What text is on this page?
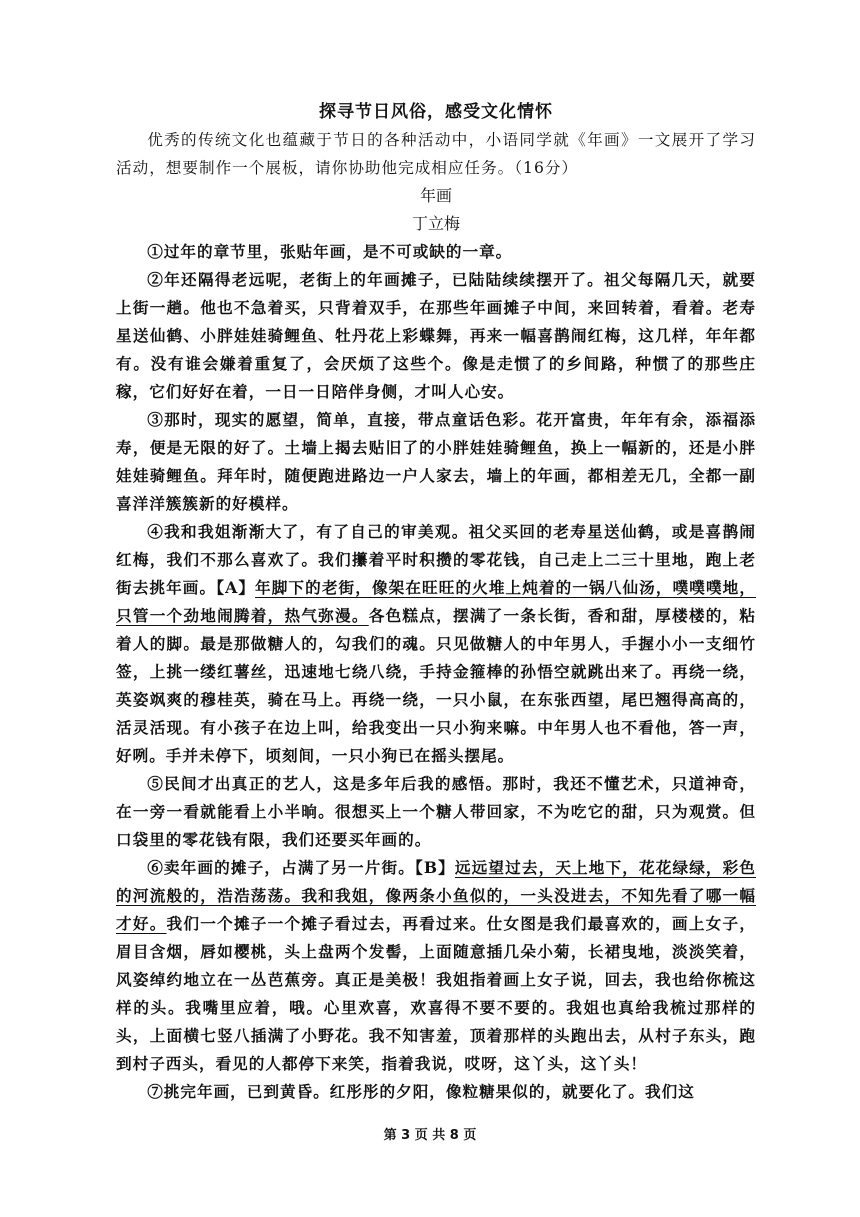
探寻节日风俗，感受文化情怀

优秀的传统文化也蕴藏于节日的各种活动中，小语同学就《年画》一文展开了学习活动，想要制作一个展板，请你协助他完成相应任务。（16分）

年画

丁立梅

①过年的章节里，张贴年画，是不可或缺的一章。

②年还隔得老远呢，老街上的年画摊子，已陆陆续续摆开了。祖父每隔几天，就要上街一趟。他也不急着买，只背着双手，在那些年画摊子中间，来回转着，看着。老寿星送仙鹤、小胖娃娃骑鲤鱼、牡丹花上彩蝶舞，再来一幅喜鹊闹红梅，这几样，年年都有。没有谁会嫌着重复了，会厌烦了这些个。像是走惯了的乡间路，种惯了的那些庄稼，它们好好在着，一日一日陪伴身侧，才叫人心安。

③那时，现实的愿望，简单，直接，带点童话色彩。花开富贵，年年有余，添福添寿，便是无限的好了。土墙上揭去贴旧了的小胖娃娃骑鲤鱼，换上一幅新的，还是小胖娃娃骑鲤鱼。拜年时，随便跑进路边一户人家去，墙上的年画，都相差无几，全都一副喜洋洋簇簇新的好模样。

④我和我姐渐渐大了，有了自己的审美观。祖父买回的老寿星送仙鹤，或是喜鹊闹红梅，我们不那么喜欢了。我们攥着平时积攒的零花钱，自己走上二三十里地，跑上老街去挑年画。【A】年脚下的老街，像架在旺旺的火堆上炖着的一锅八仙汤，噗噗噗地，只管一个劲地闹腾着，热气弥漫。各色糕点，摆满了一条长街，香和甜，厚楼楼的，粘着人的脚。最是那做糖人的，勾我们的魂。只见做糖人的中年男人，手握小小一支细竹签，上挑一缕红薯丝，迅速地七绕八绕，手持金箍棒的孙悟空就跳出来了。再绕一绕，英姿飒爽的穆桂英，骑在马上。再绕一绕，一只小鼠，在东张西望，尾巴翘得高高的，活灵活现。有小孩子在边上叫，给我变出一只小狗来嘛。中年男人也不看他，答一声，好咧。手并未停下，顷刻间，一只小狗已在摇头摆尾。

⑤民间才出真正的艺人，这是多年后我的感悟。那时，我还不懂艺术，只道神奇，在一旁一看就能看上小半晌。很想买上一个糖人带回家，不为吃它的甜，只为观赏。但口袋里的零花钱有限，我们还要买年画的。

⑥卖年画的摊子，占满了另一片街。【B】远远望过去，天上地下，花花绿绿，彩色的河流般的，浩浩荡荡。我和我姐，像两条小鱼似的，一头没进去，不知先看了哪一幅才好。我们一个摊子一个摊子看过去，再看过来。仕女图是我们最喜欢的，画上女子，眉目含烟，唇如樱桃，头上盘两个发髻，上面随意插几朵小菊，长裙曳地，淡淡笑着，风姿绰约地立在一丛芭蕉旁。真正是美极！我姐指着画上女子说，回去，我也给你梳这样的头。我嘴里应着，哦。心里欢喜，欢喜得不要不要的。我姐也真给我梳过那样的头，上面横七竖八插满了小野花。我不知害羞，顶着那样的头跑出去，从村子东头，跑到村子西头，看见的人都停下来笑，指着我说，哎呀，这丫头，这丫头！

⑦挑完年画，已到黄昏。红彤彤的夕阳，像粒糖果似的，就要化了。我们这

第 3 页 共 8 页
